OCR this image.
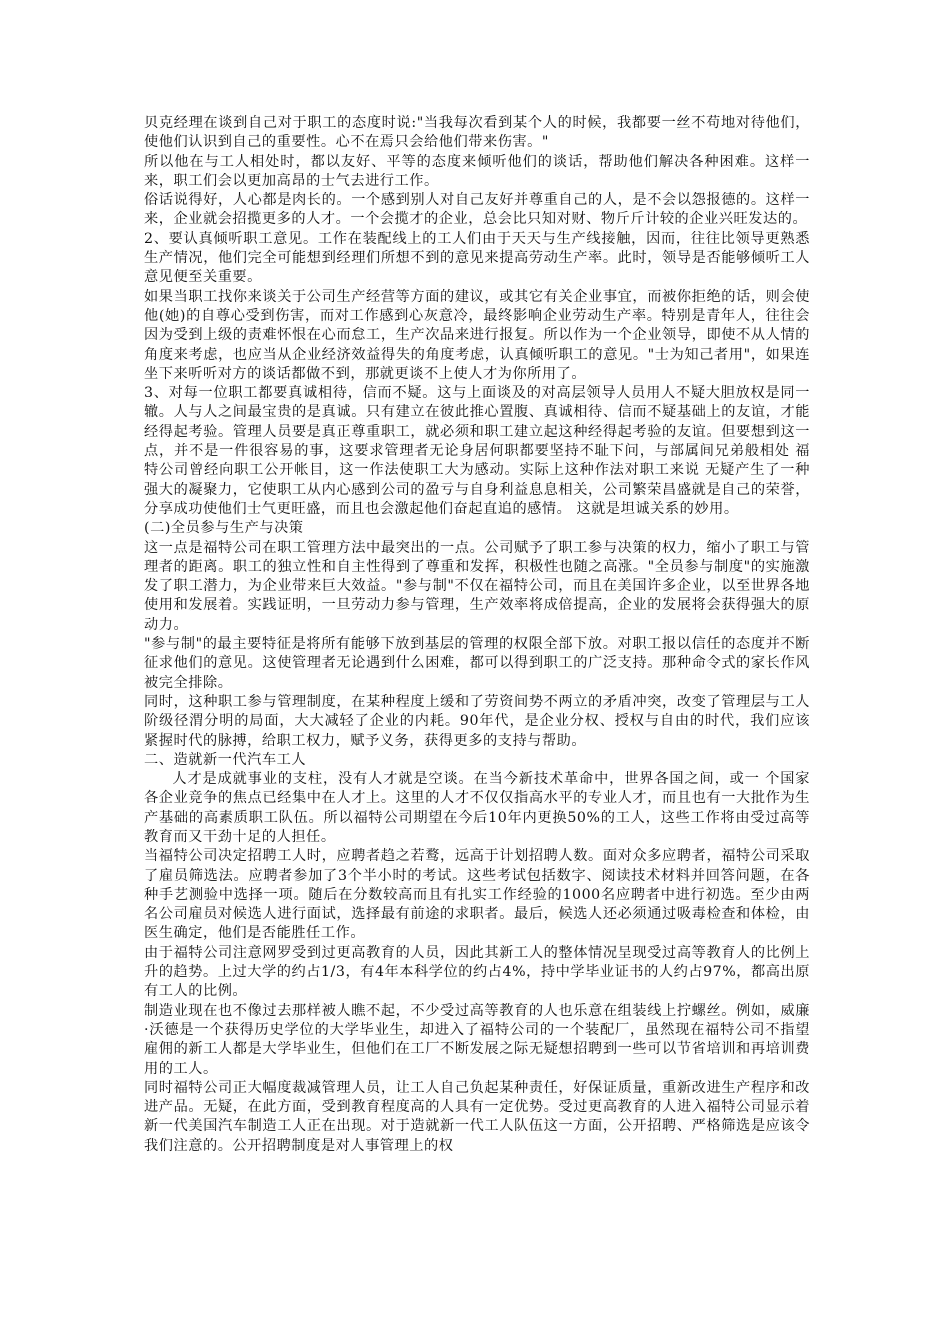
贝克经理在谈到自己对于职工的态度时说:"当我每次看到某个人的时候，我都要一丝不苟地对待他们，使他们认识到自己的重要性。心不在焉只会给他们带来伤害。"

所以他在与工人相处时，都以友好、平等的态度来倾听他们的谈话，帮助他们解决各种困难。这样一来，职工们会以更加高昂的士气去进行工作。

俗话说得好，人心都是肉长的。一个感到别人对自己友好并尊重自己的人，是不会以怨报德的。这样一来，企业就会招揽更多的人才。一个会揽才的企业，总会比只知对财、物斤斤计较的企业兴旺发达的。

2、要认真倾听职工意见。工作在装配线上的工人们由于天天与生产线接触，因而，往往比领导更熟悉生产情况，他们完全可能想到经理们所想不到的意见来提高劳动生产率。此时，领导是否能够倾听工人意见便至关重要。

如果当职工找你来谈关于公司生产经营等方面的建议，或其它有关企业事宜，而被你拒绝的话，则会使他(她)的自尊心受到伤害，而对工作感到心灰意冷，最终影响企业劳动生产率。特别是青年人，往往会因为受到上级的责难怀恨在心而怠工，生产次品来进行报复。所以作为一个企业领导，即使不从人情的角度来考虑，也应当从企业经济效益得失的角度考虑，认真倾听职工的意见。"士为知己者用"，如果连坐下来听听对方的谈话都做不到，那就更谈不上使人才为你所用了。

3、对每一位职工都要真诚相待，信而不疑。这与上面谈及的对高层领导人员用人不疑大胆放权是同一辙。人与人之间最宝贵的是真诚。只有建立在彼此推心置腹、真诚相待、信而不疑基础上的友谊，才能经得起考验。管理人员要是真正尊重职工，就必须和职工建立起这种经得起考验的友谊。但要想到这一点，并不是一件很容易的事，这要求管理者无论身居何职都要坚持不耻下问，与部属间兄弟般相处 福特公司曾经向职工公开帐目，这一作法使职工大为感动。实际上这种作法对职工来说 无疑产生了一种强大的凝聚力，它使职工从内心感到公司的盈亏与自身利益息息相关，公司繁荣昌盛就是自己的荣誉，分享成功使他们士气更旺盛，而且也会激起他们奋起直追的感情。 这就是坦诚关系的妙用。

(二)全员参与生产与决策

这一点是福特公司在职工管理方法中最突出的一点。公司赋予了职工参与决策的权力，缩小了职工与管理者的距离。职工的独立性和自主性得到了尊重和发挥，积极性也随之高涨。"全员参与制度"的实施激发了职工潜力，为企业带来巨大效益。"参与制"不仅在福特公司，而且在美国许多企业，以至世界各地使用和发展着。实践证明，一旦劳动力参与管理，生产效率将成倍提高，企业的发展将会获得强大的原动力。

"参与制"的最主要特征是将所有能够下放到基层的管理的权限全部下放。对职工报以信任的态度并不断征求他们的意见。这使管理者无论遇到什么困难，都可以得到职工的广泛支持。那种命令式的家长作风被完全排除。

同时，这种职工参与管理制度，在某种程度上缓和了劳资间势不两立的矛盾冲突，改变了管理层与工人阶级径渭分明的局面，大大减轻了企业的内耗。90年代，是企业分权、授权与自由的时代，我们应该紧握时代的脉搏，给职工权力，赋予义务，获得更多的支持与帮助。

二、造就新一代汽车工人

人才是成就事业的支柱，没有人才就是空谈。在当今新技术革命中，世界各国之间，或一 个国家各企业竞争的焦点已经集中在人才上。这里的人才不仅仅指高水平的专业人才，而且也有一大批作为生产基础的高素质职工队伍。所以福特公司期望在今后10年内更换50%的工人，这些工作将由受过高等教育而又干劲十足的人担任。

当福特公司决定招聘工人时，应聘者趋之若鹜，远高于计划招聘人数。面对众多应聘者，福特公司采取了雇员筛选法。应聘者参加了3个半小时的考试。这些考试包括数字、阅读技术材料并回答问题，在各种手艺测验中选择一项。随后在分数较高而且有扎实工作经验的1000名应聘者中进行初选。至少由两名公司雇员对候选人进行面试，选择最有前途的求职者。最后，候选人还必须通过吸毒检查和体检，由医生确定，他们是否能胜任工作。

由于福特公司注意网罗受到过更高教育的人员，因此其新工人的整体情况呈现受过高等教育人的比例上升的趋势。上过大学的约占1/3，有4年本科学位的约占4%，持中学毕业证书的人约占97%，都高出原有工人的比例。

制造业现在也不像过去那样被人瞧不起，不少受过高等教育的人也乐意在组装线上拧螺丝。例如，威廉·沃德是一个获得历史学位的大学毕业生，却进入了福特公司的一个装配厂，虽然现在福特公司不指望雇佣的新工人都是大学毕业生，但他们在工厂不断发展之际无疑想招聘到一些可以节省培训和再培训费用的工人。

同时福特公司正大幅度裁减管理人员，让工人自己负起某种责任，好保证质量，重新改进生产程序和改进产品。无疑，在此方面，受到教育程度高的人具有一定优势。受过更高教育的人进入福特公司显示着新一代美国汽车制造工人正在出现。对于造就新一代工人队伍这一方面，公开招聘、严格筛选是应该令我们注意的。公开招聘制度是对人事管理上的权
